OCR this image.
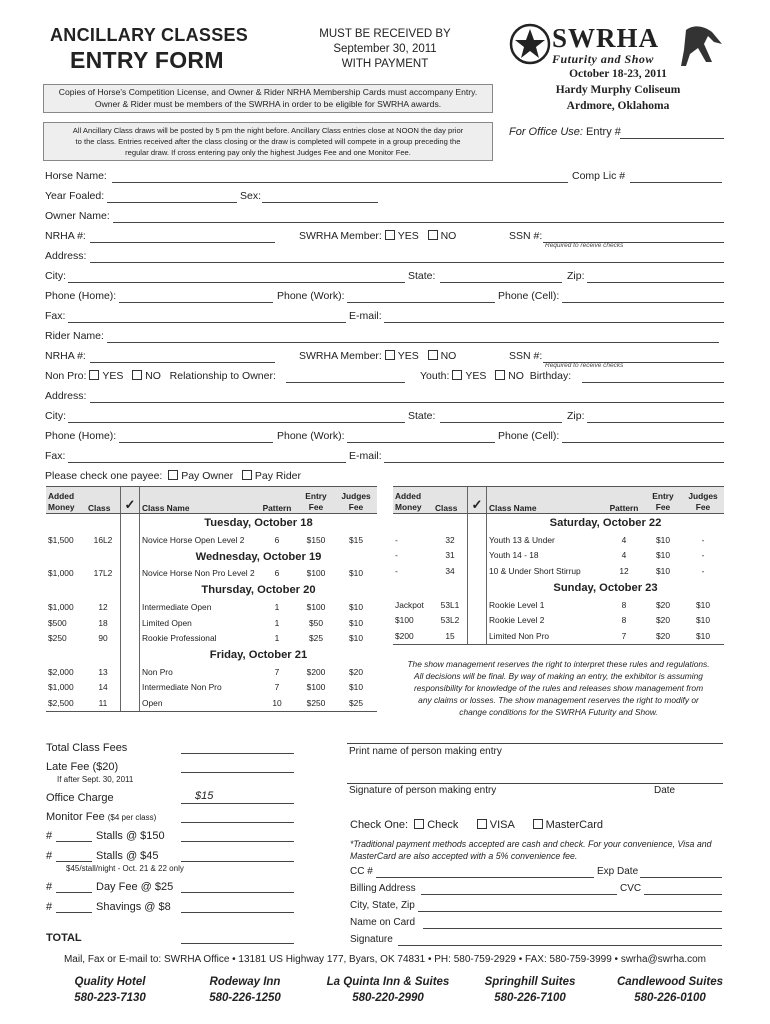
ANCILLARY CLASSES
ENTRY FORM
MUST BE RECEIVED BY
September 30, 2011
WITH PAYMENT
SWRHA
Futurity and Show
October 18-23, 2011
Hardy Murphy Coliseum
Ardmore, Oklahoma
Copies of Horse's Competition License, and Owner & Rider NRHA Membership Cards must accompany Entry.
Owner & Rider must be members of the SWRHA in order to be eligible for SWRHA awards.
All Ancillary Class draws will be posted by 5 pm the night before. Ancillary Class entries close at NOON the day prior
to the class. Entries received after the class closing or the draw is completed will compete in a group preceding the
regular draw. If cross entering pay only the highest Judges Fee and one Monitor Fee.
For Office Use: Entry #
Horse Name:	Comp Lic #
Year Foaled:	Sex:
Owner Name:
NRHA #:	SWRHA Member: YES NO	SSN #:
Required to receive checks
Address:
City:	State:	Zip:
Phone (Home):	Phone (Work):	Phone (Cell):
Fax:	E-mail:
Rider Name:
NRHA #:	SWRHA Member: YES NO	SSN #:
Required to receive checks
Non Pro: YES NO Relationship to Owner:	Youth: YES NO Birthday:
Address:
City:	State:	Zip:
Phone (Home):	Phone (Work):	Phone (Cell):
Fax:	E-mail:
Please check one payee: Pay Owner Pay Rider
Added
Money	Class	✓	Class Name	Pattern	Entry
Fee	Judges
Fee
			Tuesday, October 18			
$1,500	16L2		Novice Horse Open Level 2	6	$150	$15
			Wednesday, October 19			
$1,000	17L2		Novice Horse Non Pro Level 2	6	$100	$10
			Thursday, October 20			
$1,000	12		Intermediate Open	1	$100	$10
$500	18		Limited Open	1	$50	$10
$250	90		Rookie Professional	1	$25	$10
			Friday, October 21			
$2,000	13		Non Pro	7	$200	$20
$1,000	14		Intermediate Non Pro	7	$100	$10
$2,500	11		Open	10	$250	$25
Added
Money	Class	✓	Class Name	Pattern	Entry
Fee	Judges
Fee
			Saturday, October 22			
-	32		Youth 13 & Under	4	$10	-
-	31		Youth 14 - 18	4	$10	-
-	34		10 & Under Short Stirrup	12	$10	-
			Sunday, October 23			
Jackpot	53L1		Rookie Level 1	8	$20	$10
$100	53L2		Rookie Level 2	8	$20	$10
$200	15		Limited Non Pro	7	$20	$10
The show management reserves the right to interpret these rules and regulations.
All decisions will be final. By way of making an entry, the exhibitor is assuming
responsibility for knowledge of the rules and releases show management from
any claims or losses. The show management reserves the right to modify or
change conditions for the SWRHA Futurity and Show.
Total Class Fees
Late Fee ($20)
If after Sept. 30, 2011
Office Charge	$15
Monitor Fee ($4 per class)
#	Stalls @ $150
#	Stalls @ $45
$45/stall/night - Oct. 21 & 22 only
#	Day Fee @ $25
#	Shavings @ $8
TOTAL
Print name of person making entry
Signature of person making entry	Date
Check One: Check	VISA	MasterCard
*Traditional payment methods accepted are cash and check. For your convenience, Visa and
MasterCard are also accepted with a 5% convenience fee.
CC #	Exp Date
Billing Address	CVC
City, State, Zip
Name on Card
Signature
Mail, Fax or E-mail to: SWRHA Office • 13181 US Highway 177, Byars, OK 74831 • PH: 580-759-2929 • FAX: 580-759-3999 • swrha@swrha.com
Quality Hotel
580-223-7130
Rodeway Inn
580-226-1250
La Quinta Inn & Suites
580-220-2990
Springhill Suites
580-226-7100
Candlewood Suites
580-226-0100
